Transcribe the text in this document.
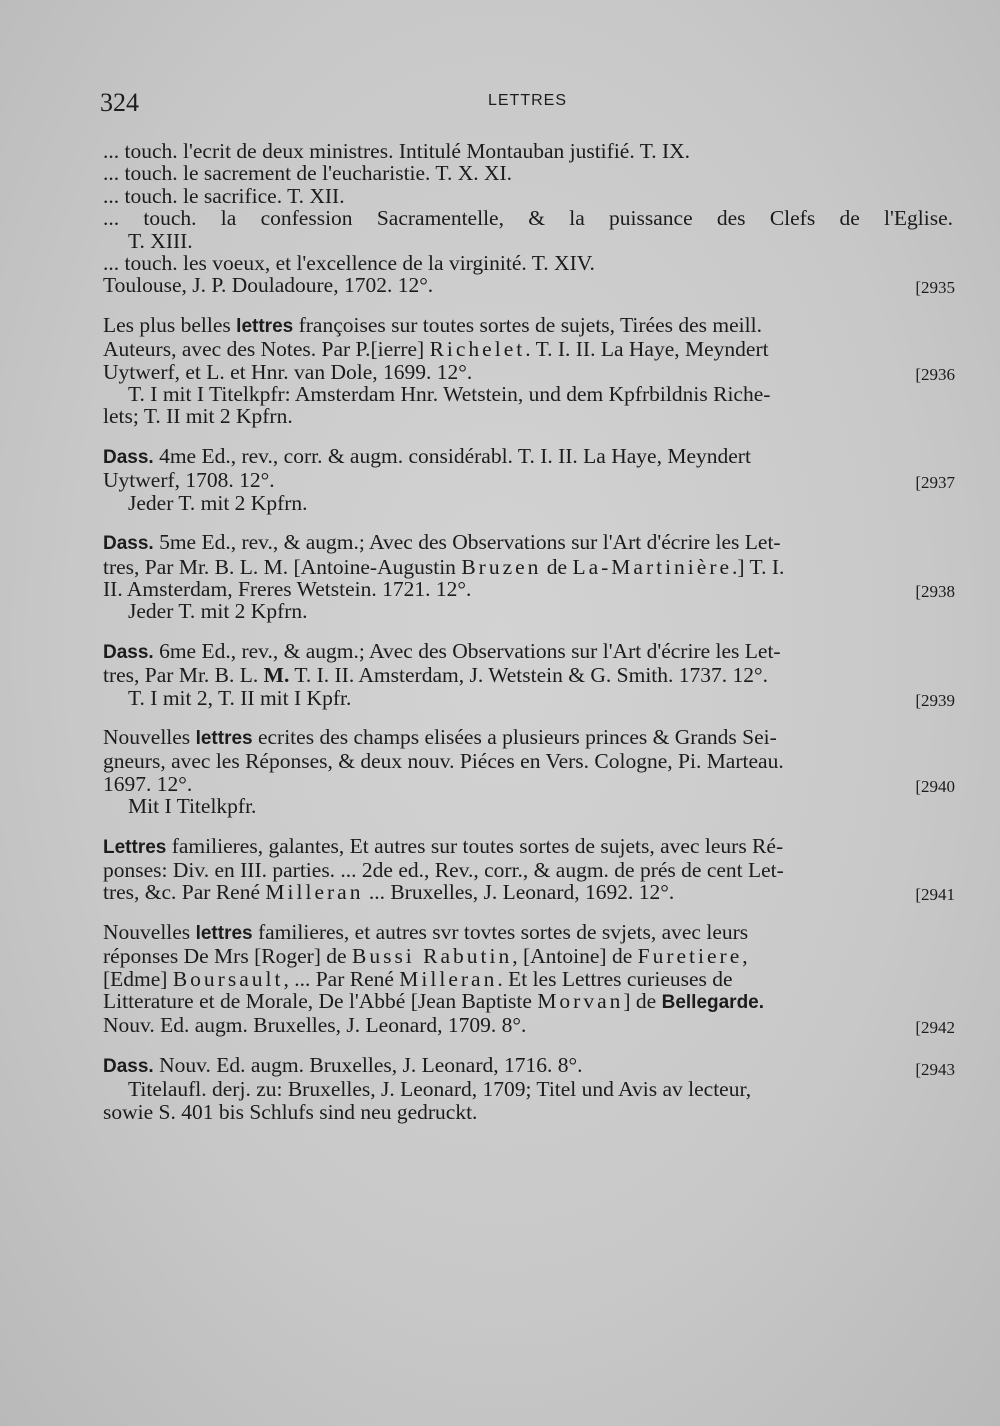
324	LETTRES
... touch. l'ecrit de deux ministres. Intitulé Montauban justifié. T. IX.
... touch. le sacrement de l'eucharistie. T. X. XI.
... touch. le sacrifice. T. XII.
... touch. la confession Sacramentelle, & la puissance des Clefs de l'Eglise.
T. XIII.
... touch. les voeux, et l'excellence de la virginité. T. XIV.
Toulouse, J. P. Douladoure, 1702. 12°.	[2935
Les plus belles lettres françoises sur toutes sortes de sujets, Tirées des meill.
Auteurs, avec des Notes. Par P.[ierre] Richelet. T. I. II. La Haye, Meyndert
Uytwerf, et L. et Hnr. van Dole, 1699. 12°.	[2936
T. I mit I Titelkpfr: Amsterdam Hnr. Wetstein, und dem Kpfrbildnis Riche-
lets; T. II mit 2 Kpfrn.
Dass. 4me Ed., rev., corr. & augm. considérabl. T. I. II. La Haye, Meyndert
Uytwerf, 1708. 12°.	[2937
Jeder T. mit 2 Kpfrn.
Dass. 5me Ed., rev., & augm.; Avec des Observations sur l'Art d'écrire les Let-
tres, Par Mr. B. L. M. [Antoine-Augustin Bruzen de La-Martinière.] T. I.
II. Amsterdam, Freres Wetstein. 1721. 12°.	[2938
Jeder T. mit 2 Kpfrn.
Dass. 6me Ed., rev., & augm.; Avec des Observations sur l'Art d'écrire les Let-
tres, Par Mr. B. L. M. T. I. II. Amsterdam, J. Wetstein & G. Smith. 1737. 12°.
T. I mit 2, T. II mit I Kpfr.	[2939
Nouvelles lettres ecrites des champs elisées a plusieurs princes & Grands Sei-
gneurs, avec les Réponses, & deux nouv. Piéces en Vers. Cologne, Pi. Marteau.
1697. 12°.	[2940
Mit I Titelkpfr.
Lettres familieres, galantes, Et autres sur toutes sortes de sujets, avec leurs Ré-
ponses: Div. en III. parties. ... 2de ed., Rev., corr., & augm. de prés de cent Let-
tres, &c. Par René Milleran ... Bruxelles, J. Leonard, 1692. 12°.	[2941
Nouvelles lettres familieres, et autres svr tovtes sortes de svjets, avec leurs
réponses De Mrs [Roger] de Bussi Rabutin, [Antoine] de Furetiere,
[Edme] Boursault, ... Par René Milleran. Et les Lettres curieuses de
Litterature et de Morale, De l'Abbé [Jean Baptiste Morvan] de Bellegarde.
Nouv. Ed. augm. Bruxelles, J. Leonard, 1709. 8°.	[2942
Dass. Nouv. Ed. augm. Bruxelles, J. Leonard, 1716. 8°.	[2943
Titelaufl. derj. zu: Bruxelles, J. Leonard, 1709; Titel und Avis av lecteur,
sowie S. 401 bis Schlufs sind neu gedruckt.
